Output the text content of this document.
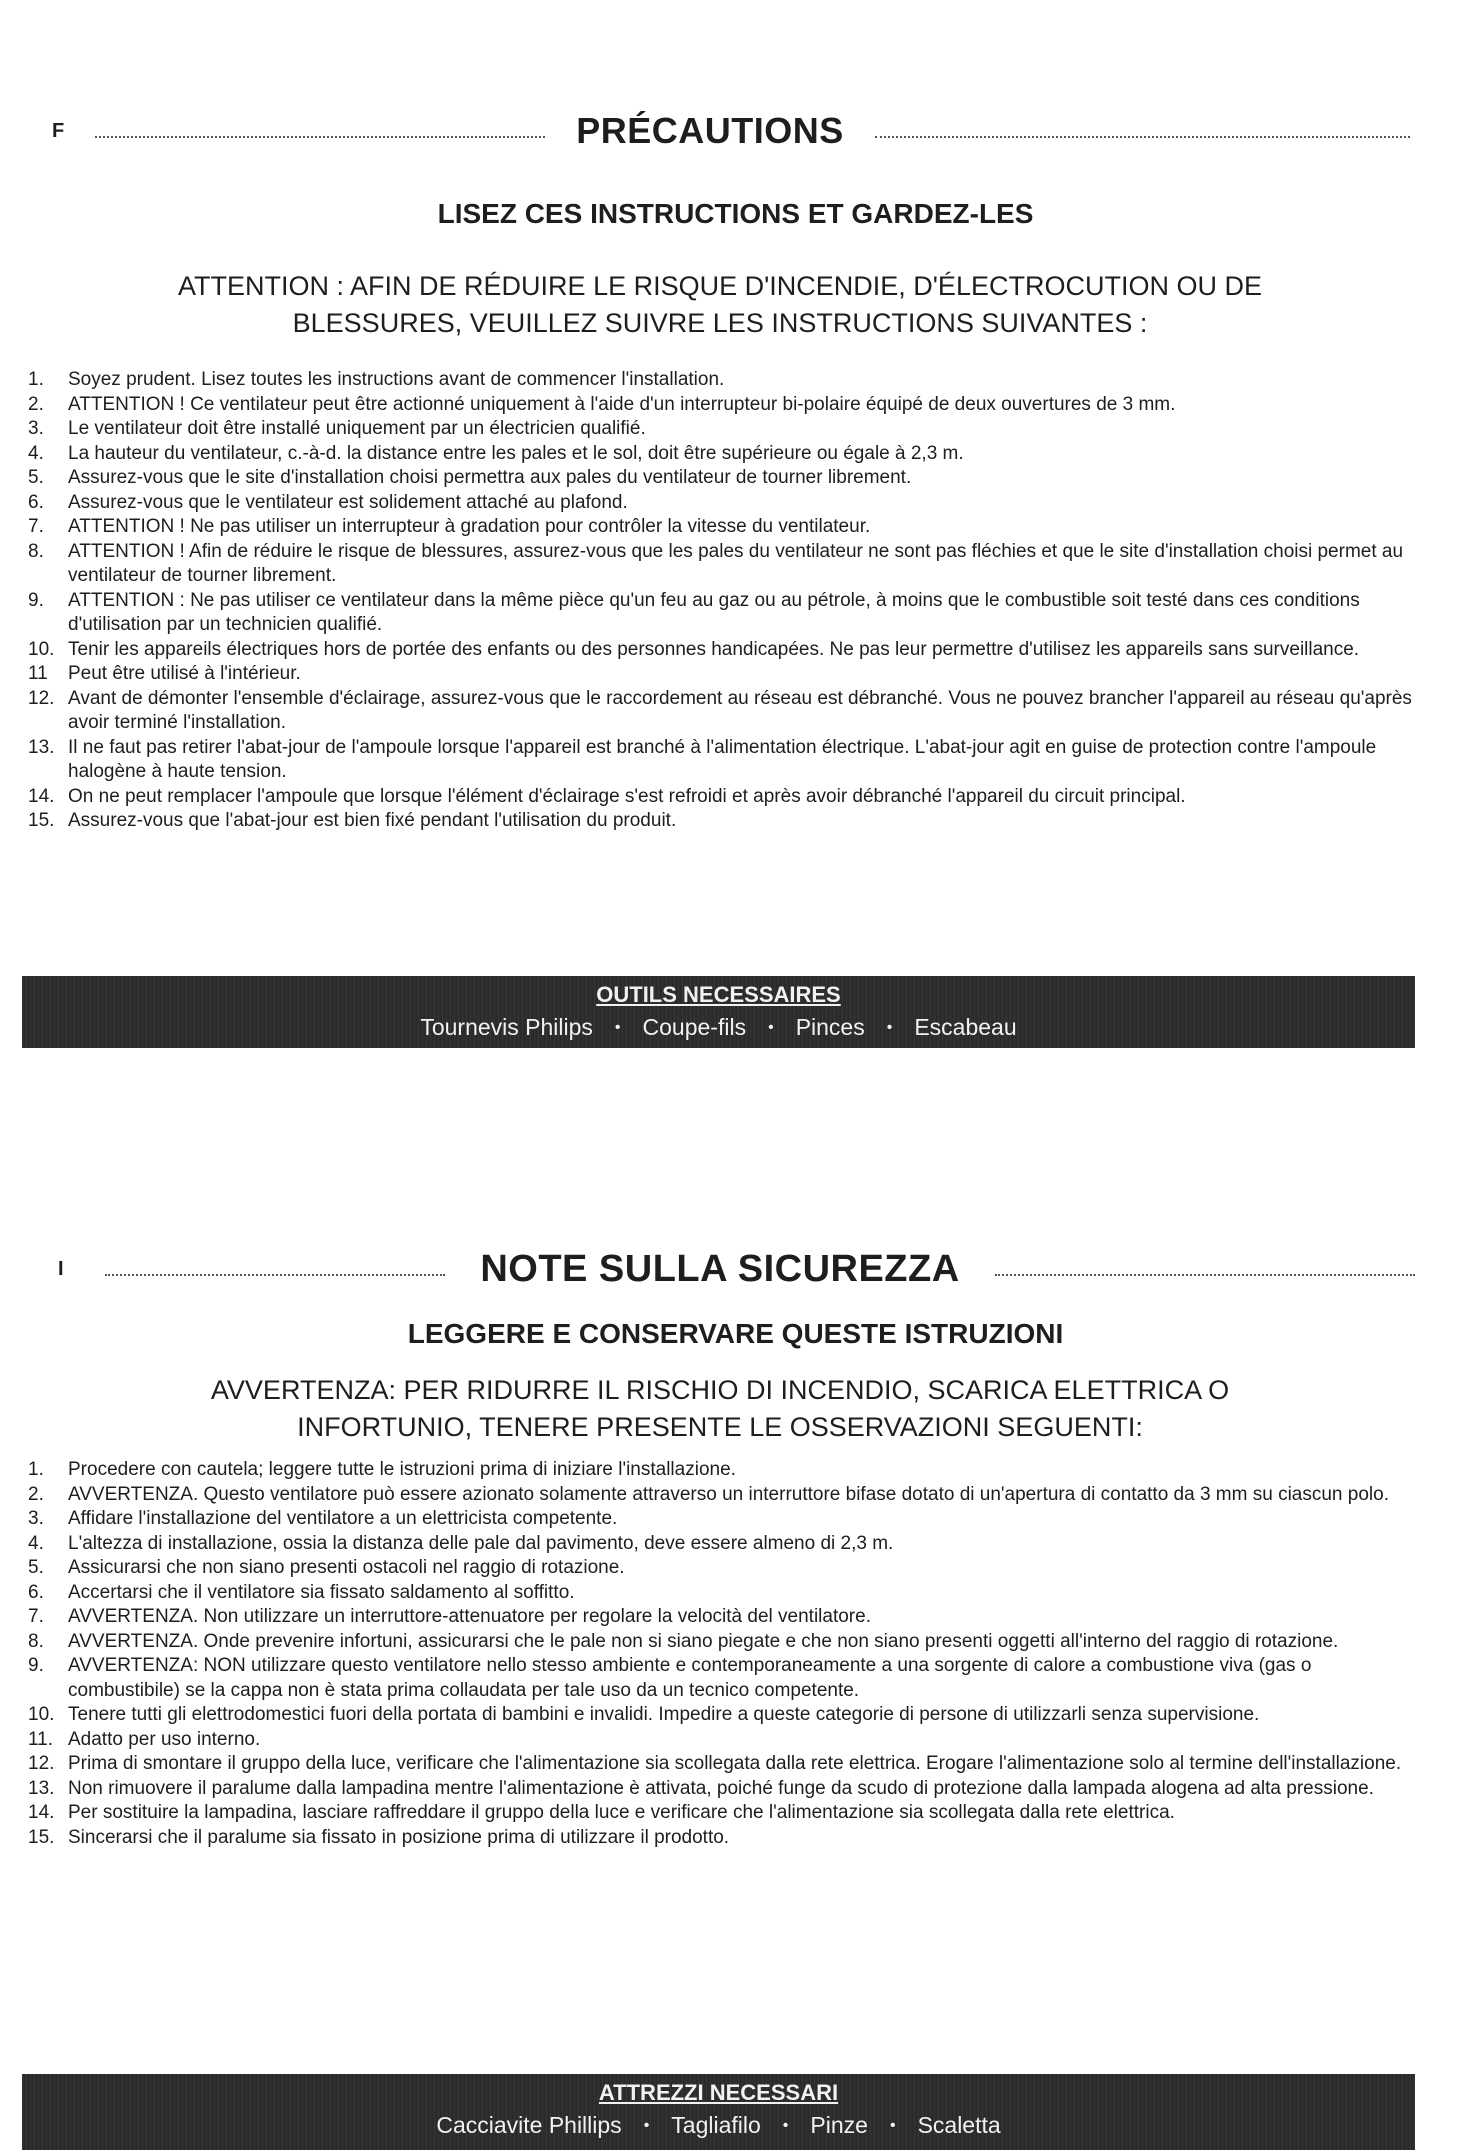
F	PRÉCAUTIONS
LISEZ CES INSTRUCTIONS ET GARDEZ-LES
ATTENTION : AFIN DE RÉDUIRE LE RISQUE D'INCENDIE, D'ÉLECTROCUTION OU DE
BLESSURES, VEUILLEZ SUIVRE LES INSTRUCTIONS SUIVANTES :
1.	Soyez prudent. Lisez toutes les instructions avant de commencer l'installation.
2.	ATTENTION ! Ce ventilateur peut être actionné uniquement à l'aide d'un interrupteur bi-polaire équipé de deux ouvertures de 3 mm.
3.	Le ventilateur doit être installé uniquement par un électricien qualifié.
4.	La hauteur du ventilateur, c.-à-d. la distance entre les pales et le sol, doit être supérieure ou égale à 2,3 m.
5.	Assurez-vous que le site d'installation choisi permettra aux pales du ventilateur de tourner librement.
6.	Assurez-vous que le ventilateur est solidement attaché au plafond.
7.	ATTENTION ! Ne pas utiliser un interrupteur à gradation pour contrôler la vitesse du ventilateur.
8.	ATTENTION ! Afin de réduire le risque de blessures, assurez-vous que les pales du ventilateur ne sont pas fléchies et que le site d'installation choisi permet au ventilateur de tourner librement.
9.	ATTENTION : Ne pas utiliser ce ventilateur dans la même pièce qu'un feu au gaz ou au pétrole, à moins que le combustible soit testé dans ces conditions d'utilisation par un technicien qualifié.
10. Tenir les appareils électriques hors de portée des enfants ou des personnes handicapées. Ne pas leur permettre d'utilisez les appareils sans surveillance.
11	Peut être utilisé à l'intérieur.
12. Avant de démonter l'ensemble d'éclairage, assurez-vous que le raccordement au réseau est débranché. Vous ne pouvez brancher l'appareil au réseau qu'après avoir terminé l'installation.
13. Il ne faut pas retirer l'abat-jour de l'ampoule lorsque l'appareil est branché à l'alimentation électrique. L'abat-jour agit en guise de protection contre l'ampoule halogène à haute tension.
14. On ne peut remplacer l'ampoule que lorsque l'élément d'éclairage s'est refroidi et après avoir débranché l'appareil du circuit principal.
15. Assurez-vous que l'abat-jour est bien fixé pendant l'utilisation du produit.
OUTILS NECESSAIRES
Tournevis Philips • Coupe-fils • Pinces • Escabeau
I	NOTE SULLA SICUREZZA
LEGGERE E CONSERVARE QUESTE ISTRUZIONI
AVVERTENZA: PER RIDURRE IL RISCHIO DI INCENDIO, SCARICA ELETTRICA O
INFORTUNIO, TENERE PRESENTE LE OSSERVAZIONI SEGUENTI:
1.	Procedere con cautela; leggere tutte le istruzioni prima di iniziare l'installazione.
2.	AVVERTENZA. Questo ventilatore può essere azionato solamente attraverso un interruttore bifase dotato di un'apertura di contatto da 3 mm su ciascun polo.
3.	Affidare l'installazione del ventilatore a un elettricista competente.
4.	L'altezza di installazione, ossia la distanza delle pale dal pavimento, deve essere almeno di 2,3 m.
5.	Assicurarsi che non siano presenti ostacoli nel raggio di rotazione.
6.	Accertarsi che il ventilatore sia fissato saldamento al soffitto.
7.	AVVERTENZA. Non utilizzare un interruttore-attenuatore per regolare la velocità del ventilatore.
8.	AVVERTENZA. Onde prevenire infortuni, assicurarsi che le pale non si siano piegate e che non siano presenti oggetti all'interno del raggio di rotazione.
9.	AVVERTENZA: NON utilizzare questo ventilatore nello stesso ambiente e contemporaneamente a una sorgente di calore a combustione viva (gas o combustibile) se la cappa non è stata prima collaudata per tale uso da un tecnico competente.
10. Tenere tutti gli elettrodomestici fuori della portata di bambini e invalidi. Impedire a queste categorie di persone di utilizzarli senza supervisione.
11. Adatto per uso interno.
12. Prima di smontare il gruppo della luce, verificare che l'alimentazione sia scollegata dalla rete elettrica. Erogare l'alimentazione solo al termine dell'installazione.
13. Non rimuovere il paralume dalla lampadina mentre l'alimentazione è attivata, poiché funge da scudo di protezione dalla lampada alogena ad alta pressione.
14. Per sostituire la lampadina, lasciare raffreddare il gruppo della luce e verificare che l'alimentazione sia scollegata dalla rete elettrica.
15. Sincerarsi che il paralume sia fissato in posizione prima di utilizzare il prodotto.
ATTREZZI NECESSARI
Cacciavite Phillips • Tagliafilo • Pinze • Scaletta
